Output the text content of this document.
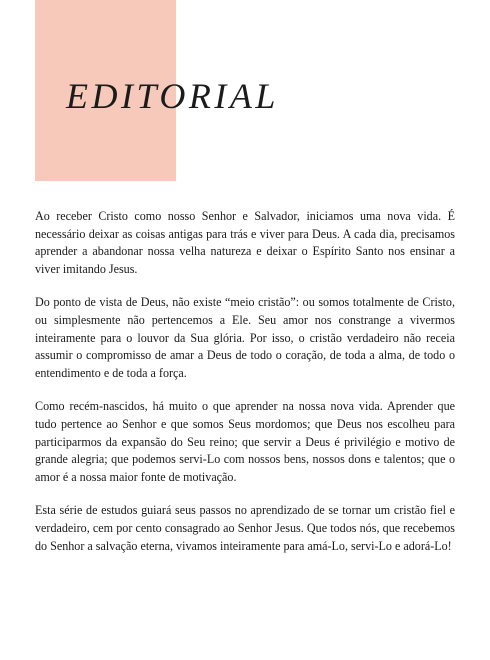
EDITORIAL

Ao receber Cristo como nosso Senhor e Salvador, iniciamos uma nova vida. É necessário deixar as coisas antigas para trás e viver para Deus. A cada dia, precisamos aprender a abandonar nossa velha natureza e deixar o Espírito Santo nos ensinar a viver imitando Jesus.

Do ponto de vista de Deus, não existe “meio cristão”: ou somos totalmente de Cristo, ou simplesmente não pertencemos a Ele. Seu amor nos constrange a vivermos inteiramente para o louvor da Sua glória. Por isso, o cristão verdadeiro não receia assumir o compromisso de amar a Deus de todo o coração, de toda a alma, de todo o entendimento e de toda a força.

Como recém-nascidos, há muito o que aprender na nossa nova vida. Aprender que tudo pertence ao Senhor e que somos Seus mordomos; que Deus nos escolheu para participarmos da expansão do Seu reino; que servir a Deus é privilégio e motivo de grande alegria; que podemos servi-Lo com nossos bens, nossos dons e talentos; que o amor é a nossa maior fonte de motivação.

Esta série de estudos guiará seus passos no aprendizado de se tornar um cristão fiel e verdadeiro, cem por cento consagrado ao Senhor Jesus. Que todos nós, que recebemos do Senhor a salvação eterna, vivamos inteiramente para amá-Lo, servi-Lo e adorá-Lo!
